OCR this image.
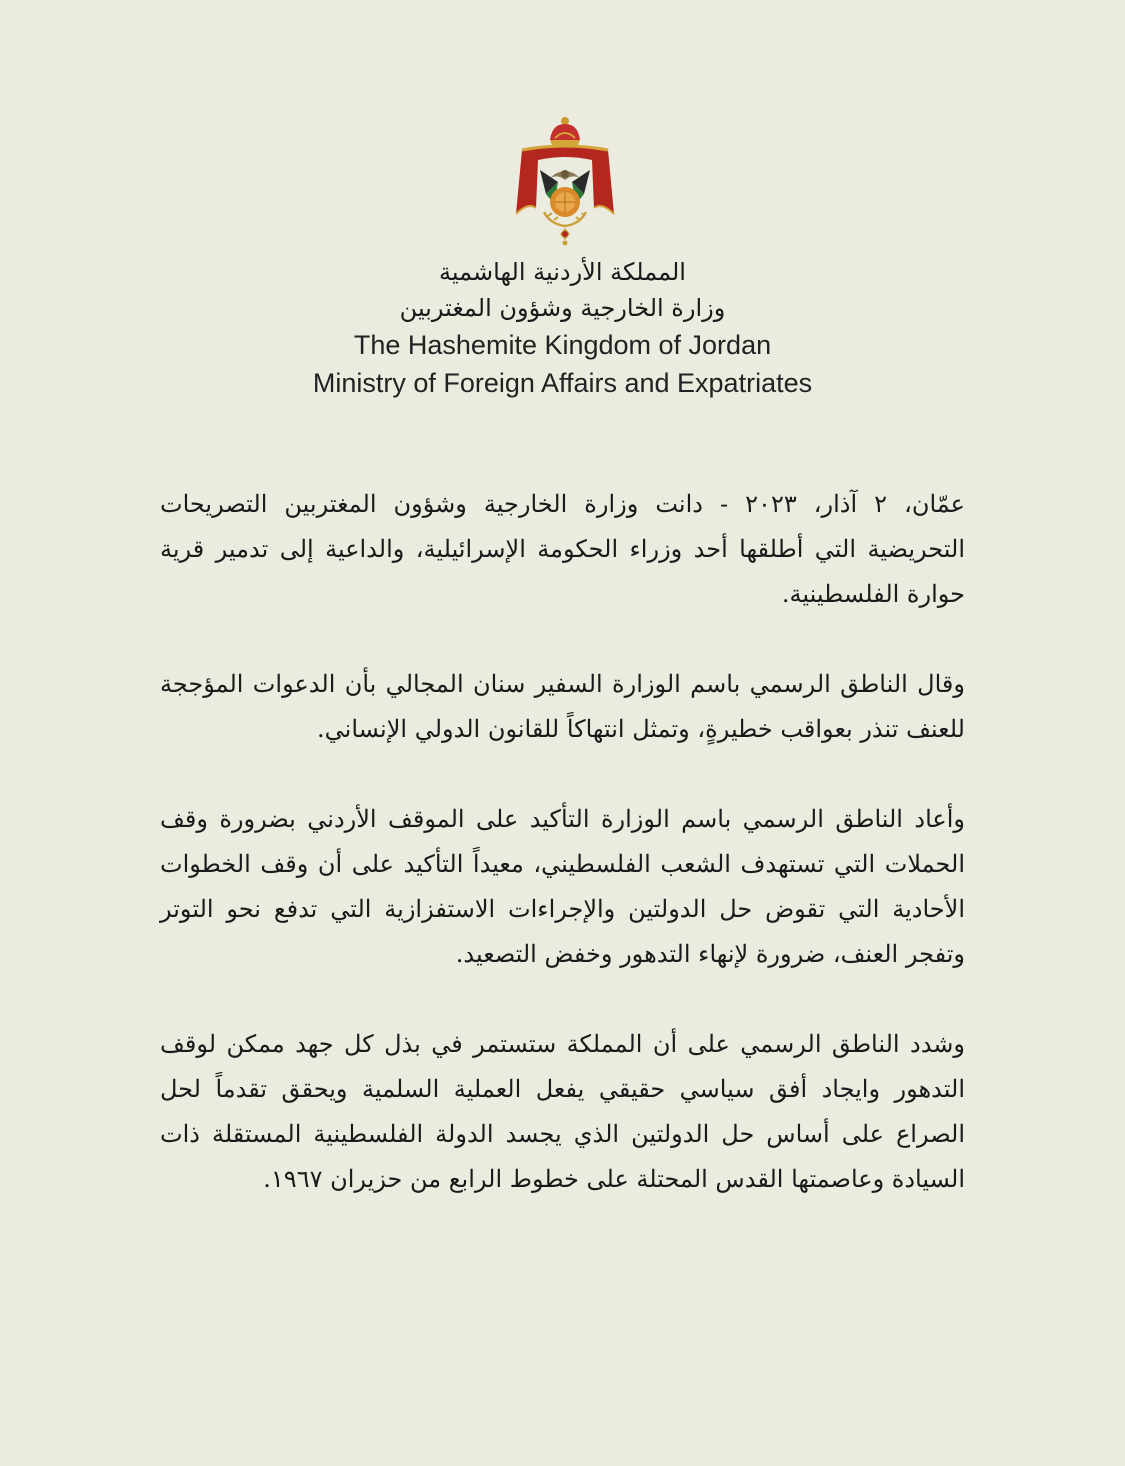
المملكة الأردنية الهاشمية
وزارة الخارجية وشؤون المغتربين
The Hashemite Kingdom of Jordan
Ministry of Foreign Affairs and Expatriates

عمّان، ٢ آذار، ٢٠٢٣ - دانت وزارة الخارجية وشؤون المغتربين التصريحات التحريضية التي أطلقها أحد وزراء الحكومة الإسرائيلية، والداعية إلى تدمير قرية حوارة الفلسطينية.

وقال الناطق الرسمي باسم الوزارة السفير سنان المجالي بأن الدعوات المؤججة للعنف تنذر بعواقب خطيرةٍ، وتمثل انتهاكاً للقانون الدولي الإنساني.

وأعاد الناطق الرسمي باسم الوزارة التأكيد على الموقف الأردني بضرورة وقف الحملات التي تستهدف الشعب الفلسطيني، معيداً التأكيد على أن وقف الخطوات الأحادية التي تقوض حل الدولتين والإجراءات الاستفزازية التي تدفع نحو التوتر وتفجر العنف، ضرورة لإنهاء التدهور وخفض التصعيد.

وشدد الناطق الرسمي على أن المملكة ستستمر في بذل كل جهد ممكن لوقف التدهور وايجاد أفق سياسي حقيقي يفعل العملية السلمية ويحقق تقدماً لحل الصراع على أساس حل الدولتين الذي يجسد الدولة الفلسطينية المستقلة ذات السيادة وعاصمتها القدس المحتلة على خطوط الرابع من حزيران ١٩٦٧.
